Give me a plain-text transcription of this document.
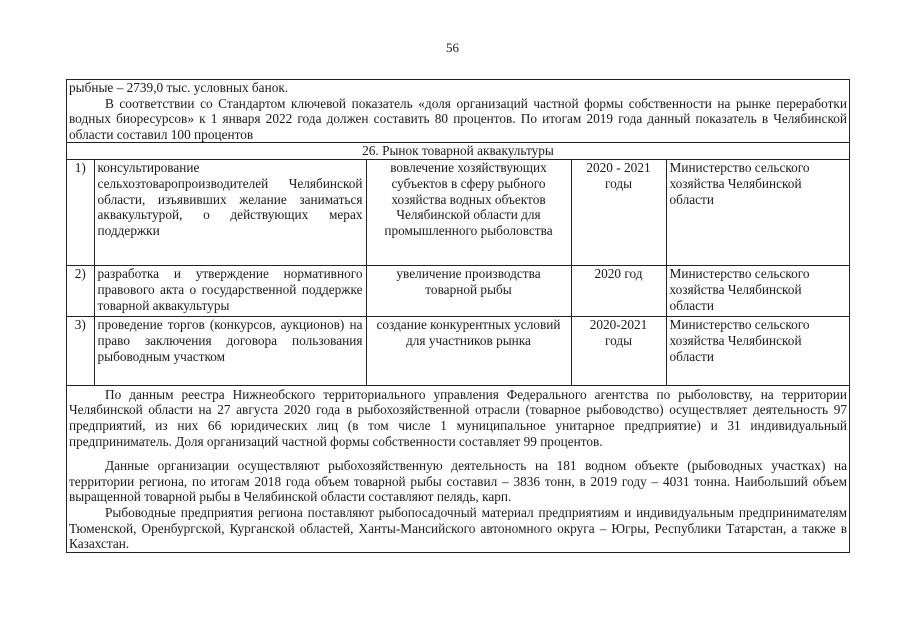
56

рыбные – 2739,0 тыс. условных банок.

В соответствии со Стандартом ключевой показатель «доля организаций частной формы собственности на рынке переработки водных биоресурсов» к 1 января 2022 года должен составить 80 процентов. По итогам 2019 года данный показатель в Челябинской области составил 100 процентов

26. Рынок товарной аквакультуры
1)	консультирование сельхозтоваропроизводителей Челябинской области, изъявивших желание заниматься аквакультурой, о действующих мерах поддержки	вовлечение хозяйствующих субъектов в сферу рыбного хозяйства водных объектов Челябинской области для промышленного рыболовства	2020 - 2021 годы	Министерство сельского хозяйства Челябинской области
2)	разработка и утверждение нормативного правового акта о государственной поддержке товарной аквакультуры	увеличение производства товарной рыбы	2020 год	Министерство сельского хозяйства Челябинской области
3)	проведение торгов (конкурсов, аукционов) на право заключения договора пользования рыбоводным участком	создание конкурентных условий для участников рынка	2020-2021 годы	Министерство сельского хозяйства Челябинской области

По данным реестра Нижнеобского территориального управления Федерального агентства по рыболовству, на территории Челябинской области на 27 августа 2020 года в рыбохозяйственной отрасли (товарное рыбоводство) осуществляет деятельность 97 предприятий, из них 66 юридических лиц (в том числе 1 муниципальное унитарное предприятие) и 31 индивидуальный предприниматель. Доля организаций частной формы собственности составляет 99 процентов.

Данные организации осуществляют рыбохозяйственную деятельность на 181 водном объекте (рыбоводных участках) на территории региона, по итогам 2018 года объем товарной рыбы составил – 3836 тонн, в 2019 году – 4031 тонна. Наибольший объем выращенной товарной рыбы в Челябинской области составляют пелядь, карп.

Рыбоводные предприятия региона поставляют рыбопосадочный материал предприятиям и индивидуальным предпринимателям Тюменской, Оренбургской, Курганской областей, Ханты-Мансийского автономного округа – Югры, Республики Татарстан, а также в Казахстан.
